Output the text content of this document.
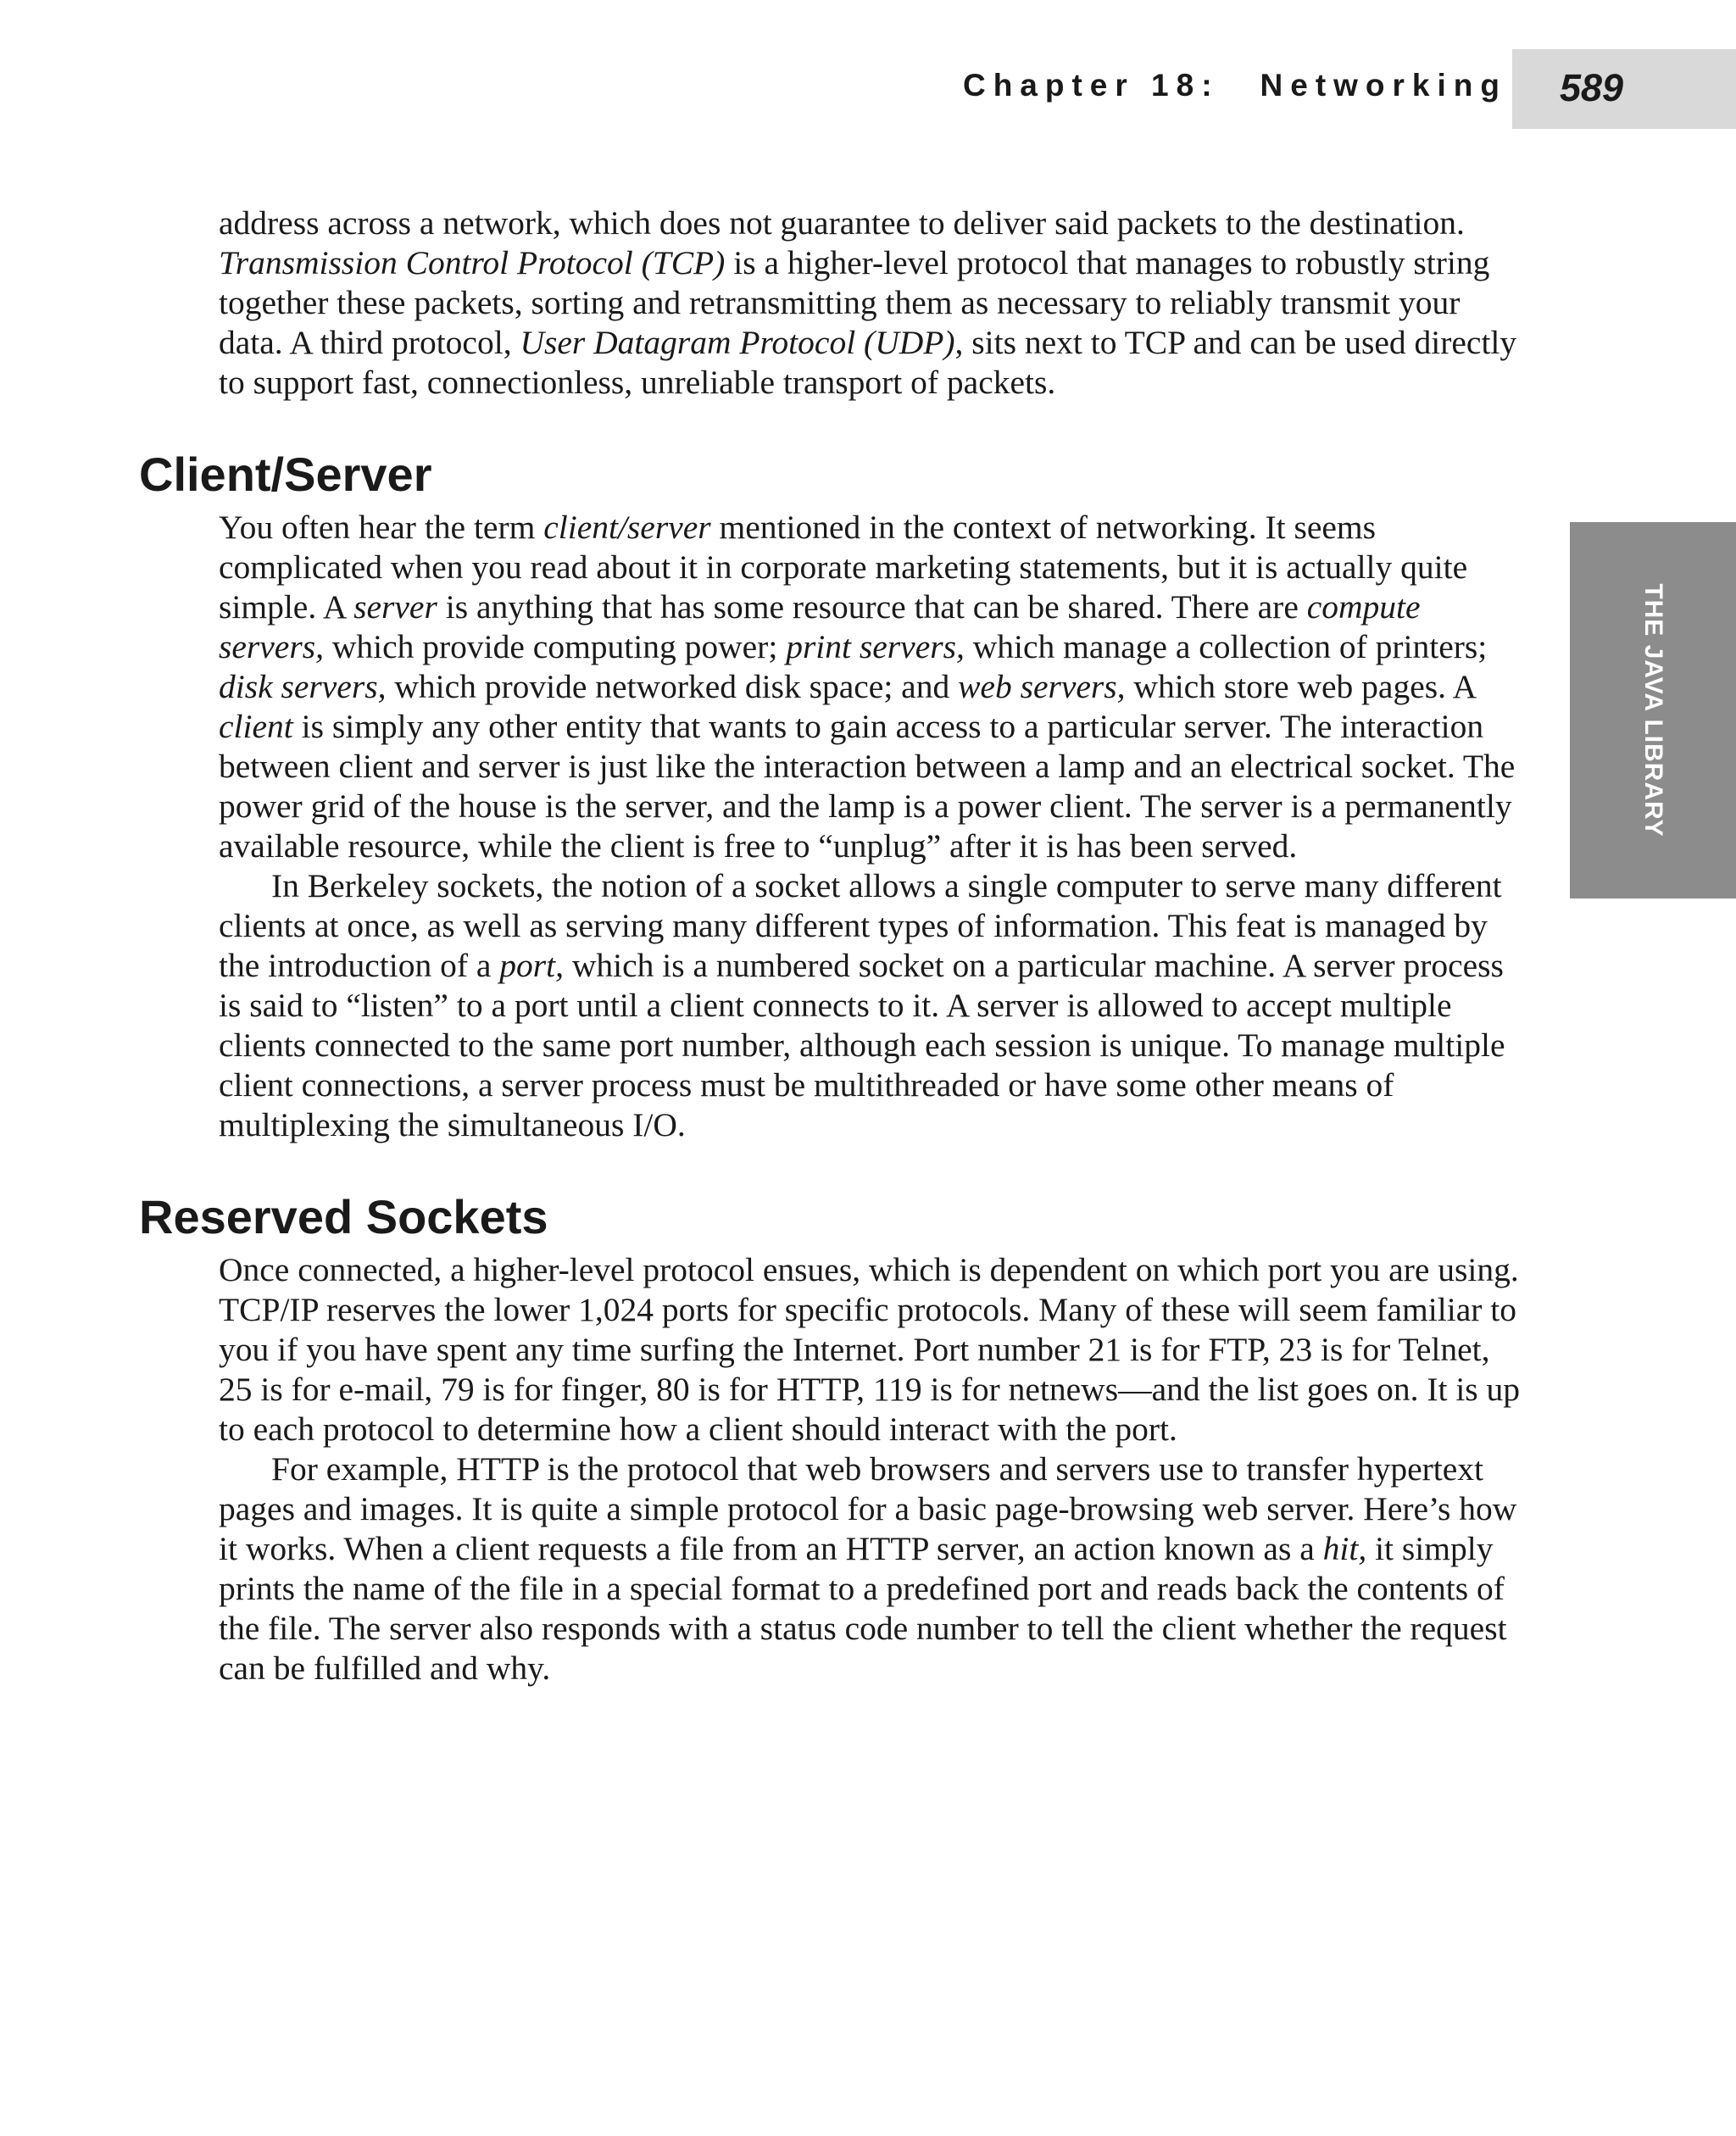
Chapter 18: Networking 589
THE JAVA LIBRARY

address across a network, which does not guarantee to deliver said packets to the destination. Transmission Control Protocol (TCP) is a higher-level protocol that manages to robustly string together these packets, sorting and retransmitting them as necessary to reliably transmit your data. A third protocol, User Datagram Protocol (UDP), sits next to TCP and can be used directly to support fast, connectionless, unreliable transport of packets.

Client/Server

You often hear the term client/server mentioned in the context of networking. It seems complicated when you read about it in corporate marketing statements, but it is actually quite simple. A server is anything that has some resource that can be shared. There are compute servers, which provide computing power; print servers, which manage a collection of printers; disk servers, which provide networked disk space; and web servers, which store web pages. A client is simply any other entity that wants to gain access to a particular server. The interaction between client and server is just like the interaction between a lamp and an electrical socket. The power grid of the house is the server, and the lamp is a power client. The server is a permanently available resource, while the client is free to “unplug” after it is has been served.

In Berkeley sockets, the notion of a socket allows a single computer to serve many different clients at once, as well as serving many different types of information. This feat is managed by the introduction of a port, which is a numbered socket on a particular machine. A server process is said to “listen” to a port until a client connects to it. A server is allowed to accept multiple clients connected to the same port number, although each session is unique. To manage multiple client connections, a server process must be multithreaded or have some other means of multiplexing the simultaneous I/O.

Reserved Sockets

Once connected, a higher-level protocol ensues, which is dependent on which port you are using. TCP/IP reserves the lower 1,024 ports for specific protocols. Many of these will seem familiar to you if you have spent any time surfing the Internet. Port number 21 is for FTP, 23 is for Telnet, 25 is for e-mail, 79 is for finger, 80 is for HTTP, 119 is for netnews—and the list goes on. It is up to each protocol to determine how a client should interact with the port.

For example, HTTP is the protocol that web browsers and servers use to transfer hypertext pages and images. It is quite a simple protocol for a basic page-browsing web server. Here’s how it works. When a client requests a file from an HTTP server, an action known as a hit, it simply prints the name of the file in a special format to a predefined port and reads back the contents of the file. The server also responds with a status code number to tell the client whether the request can be fulfilled and why.
